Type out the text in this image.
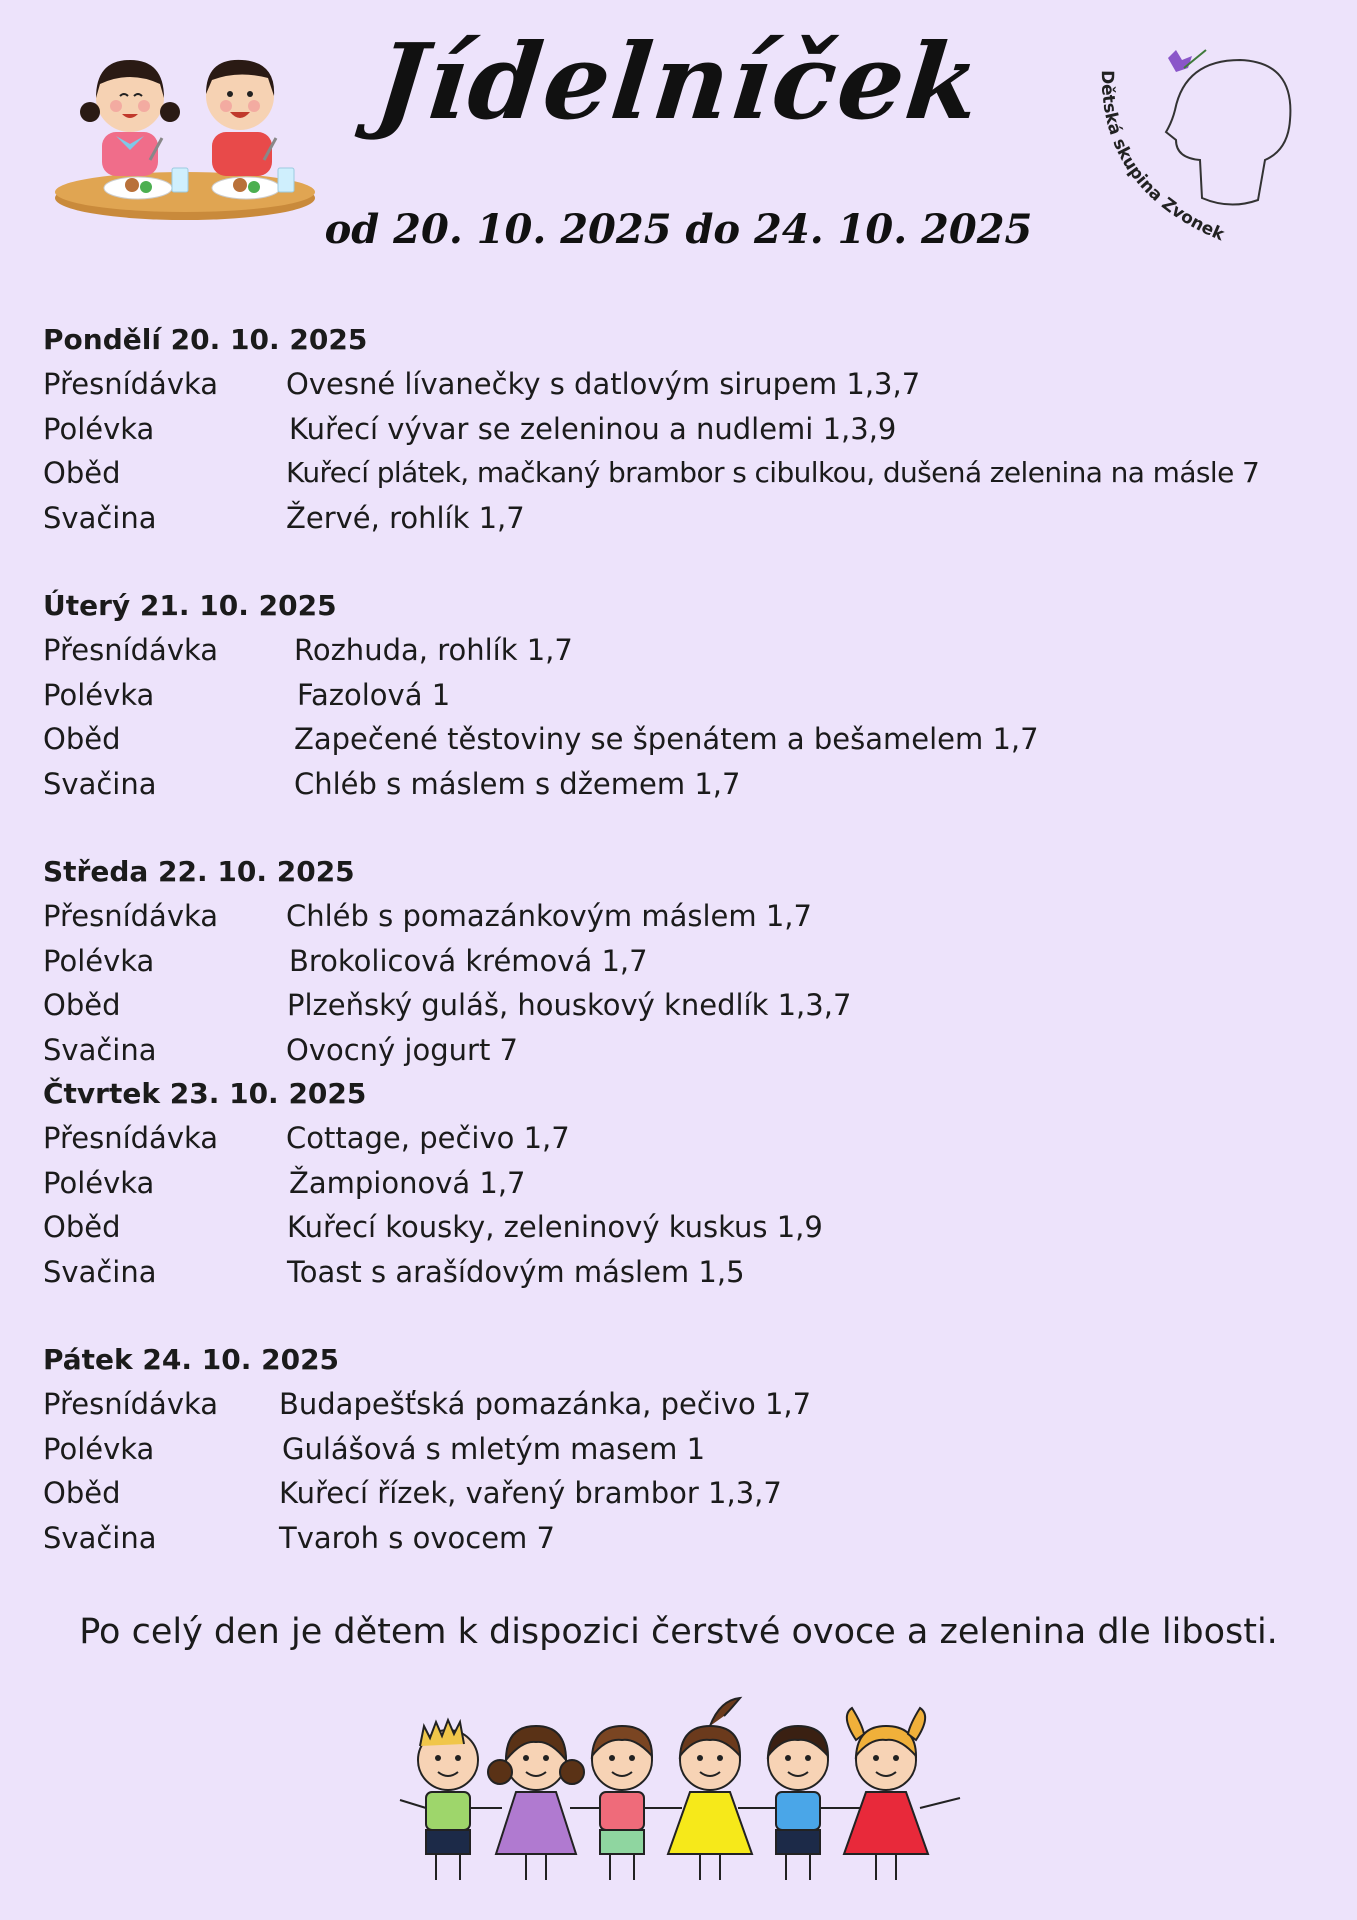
Jídelníček
od 20. 10. 2025 do 24. 10. 2025
Dětská skupina Zvonek
Pondělí 20. 10. 2025
Přesnídávka	Ovesné lívanečky s datlovým sirupem 1,3,7
Polévka	Kuřecí vývar se zeleninou a nudlemi 1,3,9
Oběd	Kuřecí plátek, mačkaný brambor s cibulkou, dušená zelenina na másle 7
Svačina	Žervé, rohlík 1,7
Úterý 21. 10. 2025
Přesnídávka	Rozhuda, rohlík 1,7
Polévka	Fazolová 1
Oběd	Zapečené těstoviny se špenátem a bešamelem 1,7
Svačina	Chléb s máslem s džemem 1,7
Středa 22. 10. 2025
Přesnídávka	Chléb s pomazánkovým máslem 1,7
Polévka	Brokolicová krémová 1,7
Oběd	Plzeňský guláš, houskový knedlík 1,3,7
Svačina	Ovocný jogurt 7
Čtvrtek 23. 10. 2025
Přesnídávka	Cottage, pečivo 1,7
Polévka	Žampionová 1,7
Oběd	Kuřecí kousky, zeleninový kuskus 1,9
Svačina	Toast s arašídovým máslem 1,5
Pátek 24. 10. 2025
Přesnídávka	Budapešťská pomazánka, pečivo 1,7
Polévka	Gulášová s mletým masem 1
Oběd	Kuřecí řízek, vařený brambor 1,3,7
Svačina	Tvaroh s ovocem 7
Po celý den je dětem k dispozici čerstvé ovoce a zelenina dle libosti.
